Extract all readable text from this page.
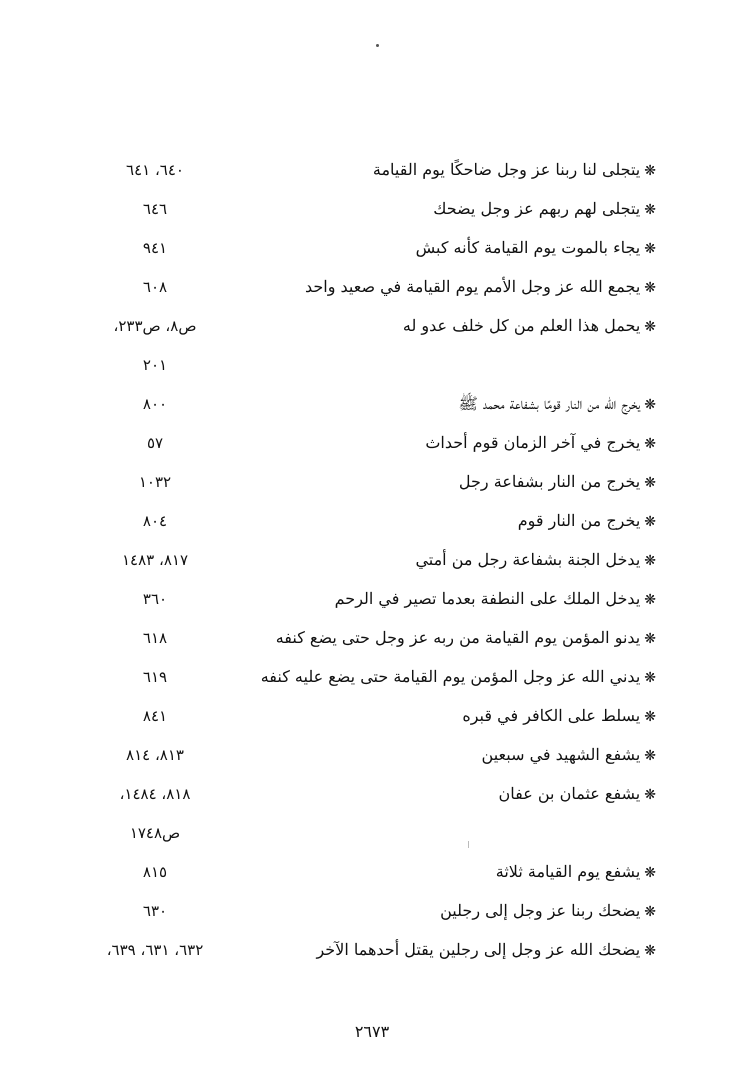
❋يتجلى لنا ربنا عز وجل ضاحكًا يوم القيامة
٦٤٠، ٦٤١
❋يتجلى لهم ربهم عز وجل يضحك
٦٤٦
❋يجاء بالموت يوم القيامة كأنه كبش
٩٤١
❋يجمع الله عز وجل الأمم يوم القيامة في صعيد واحد
٦٠٨
❋يحمل هذا العلم من كل خلف عدو له
ص٨، ص٢٣٣،
٢٠١
❋يخرج الله من النار قومًا بشفاعة محمد ﷺ
٨٠٠
❋يخرج في آخر الزمان قوم أحداث
٥٧
❋يخرج من النار بشفاعة رجل
١٠٣٢
❋يخرج من النار قوم
٨٠٤
❋يدخل الجنة بشفاعة رجل من أمتي
٨١٧، ١٤٨٣
❋يدخل الملك على النطفة بعدما تصير في الرحم
٣٦٠
❋يدنو المؤمن يوم القيامة من ربه عز وجل حتى يضع كنفه
٦١٨
❋يدني الله عز وجل المؤمن يوم القيامة حتى يضع عليه كنفه
٦١٩
❋يسلط على الكافر في قبره
٨٤١
❋يشفع الشهيد في سبعين
٨١٣، ٨١٤
❋يشفع عثمان بن عفان
٨١٨، ١٤٨٤،
ص١٧٤٨
❋يشفع يوم القيامة ثلاثة
٨١٥
❋يضحك ربنا عز وجل إلى رجلين
٦٣٠
❋يضحك الله عز وجل إلى رجلين يقتل أحدهما الآخر
٦٣٢، ٦٣١، ٦٣٩،
٢٦٧٣
